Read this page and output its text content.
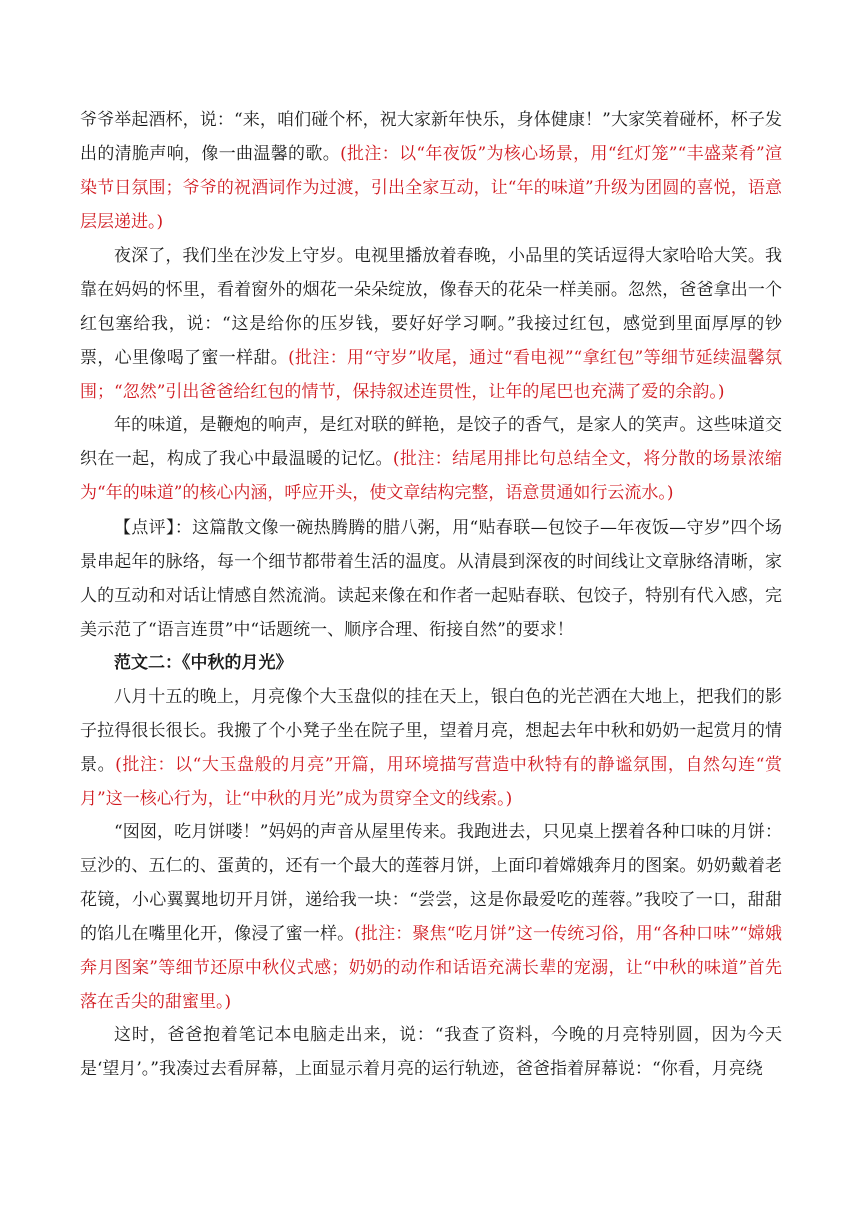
爷爷举起酒杯，说：“来，咱们碰个杯，祝大家新年快乐，身体健康！”大家笑着碰杯，杯子发出的清脆声响，像一曲温馨的歌。(批注：以“年夜饭”为核心场景，用“红灯笼”“丰盛菜肴”渲染节日氛围；爷爷的祝酒词作为过渡，引出全家互动，让“年的味道”升级为团圆的喜悦，语意层层递进。)

夜深了，我们坐在沙发上守岁。电视里播放着春晚，小品里的笑话逗得大家哈哈大笑。我靠在妈妈的怀里，看着窗外的烟花一朵朵绽放，像春天的花朵一样美丽。忽然，爸爸拿出一个红包塞给我，说：“这是给你的压岁钱，要好好学习啊。”我接过红包，感觉到里面厚厚的钞票，心里像喝了蜜一样甜。(批注：用“守岁”收尾，通过“看电视”“拿红包”等细节延续温馨氛围；“忽然”引出爸爸给红包的情节，保持叙述连贯性，让年的尾巴也充满了爱的余韵。)

年的味道，是鞭炮的响声，是红对联的鲜艳，是饺子的香气，是家人的笑声。这些味道交织在一起，构成了我心中最温暖的记忆。(批注：结尾用排比句总结全文，将分散的场景浓缩为“年的味道”的核心内涵，呼应开头，使文章结构完整，语意贯通如行云流水。)

【点评】：这篇散文像一碗热腾腾的腊八粥，用“贴春联—包饺子—年夜饭—守岁”四个场景串起年的脉络，每一个细节都带着生活的温度。从清晨到深夜的时间线让文章脉络清晰，家人的互动和对话让情感自然流淌。读起来像在和作者一起贴春联、包饺子，特别有代入感，完美示范了“语言连贯”中“话题统一、顺序合理、衔接自然”的要求！

范文二：《中秋的月光》

八月十五的晚上，月亮像个大玉盘似的挂在天上，银白色的光芒洒在大地上，把我们的影子拉得很长很长。我搬了个小凳子坐在院子里，望着月亮，想起去年中秋和奶奶一起赏月的情景。(批注：以“大玉盘般的月亮”开篇，用环境描写营造中秋特有的静谧氛围，自然勾连“赏月”这一核心行为，让“中秋的月光”成为贯穿全文的线索。)

“囡囡，吃月饼喽！”妈妈的声音从屋里传来。我跑进去，只见桌上摆着各种口味的月饼：豆沙的、五仁的、蛋黄的，还有一个最大的莲蓉月饼，上面印着嫦娥奔月的图案。奶奶戴着老花镜，小心翼翼地切开月饼，递给我一块：“尝尝，这是你最爱吃的莲蓉。”我咬了一口，甜甜的馅儿在嘴里化开，像浸了蜜一样。(批注：聚焦“吃月饼”这一传统习俗，用“各种口味”“嫦娥奔月图案”等细节还原中秋仪式感；奶奶的动作和话语充满长辈的宠溺，让“中秋的味道”首先落在舌尖的甜蜜里。)

这时，爸爸抱着笔记本电脑走出来，说：“我查了资料，今晚的月亮特别圆，因为今天是‘望月’。”我凑过去看屏幕，上面显示着月亮的运行轨迹，爸爸指着屏幕说：“你看，月亮绕
